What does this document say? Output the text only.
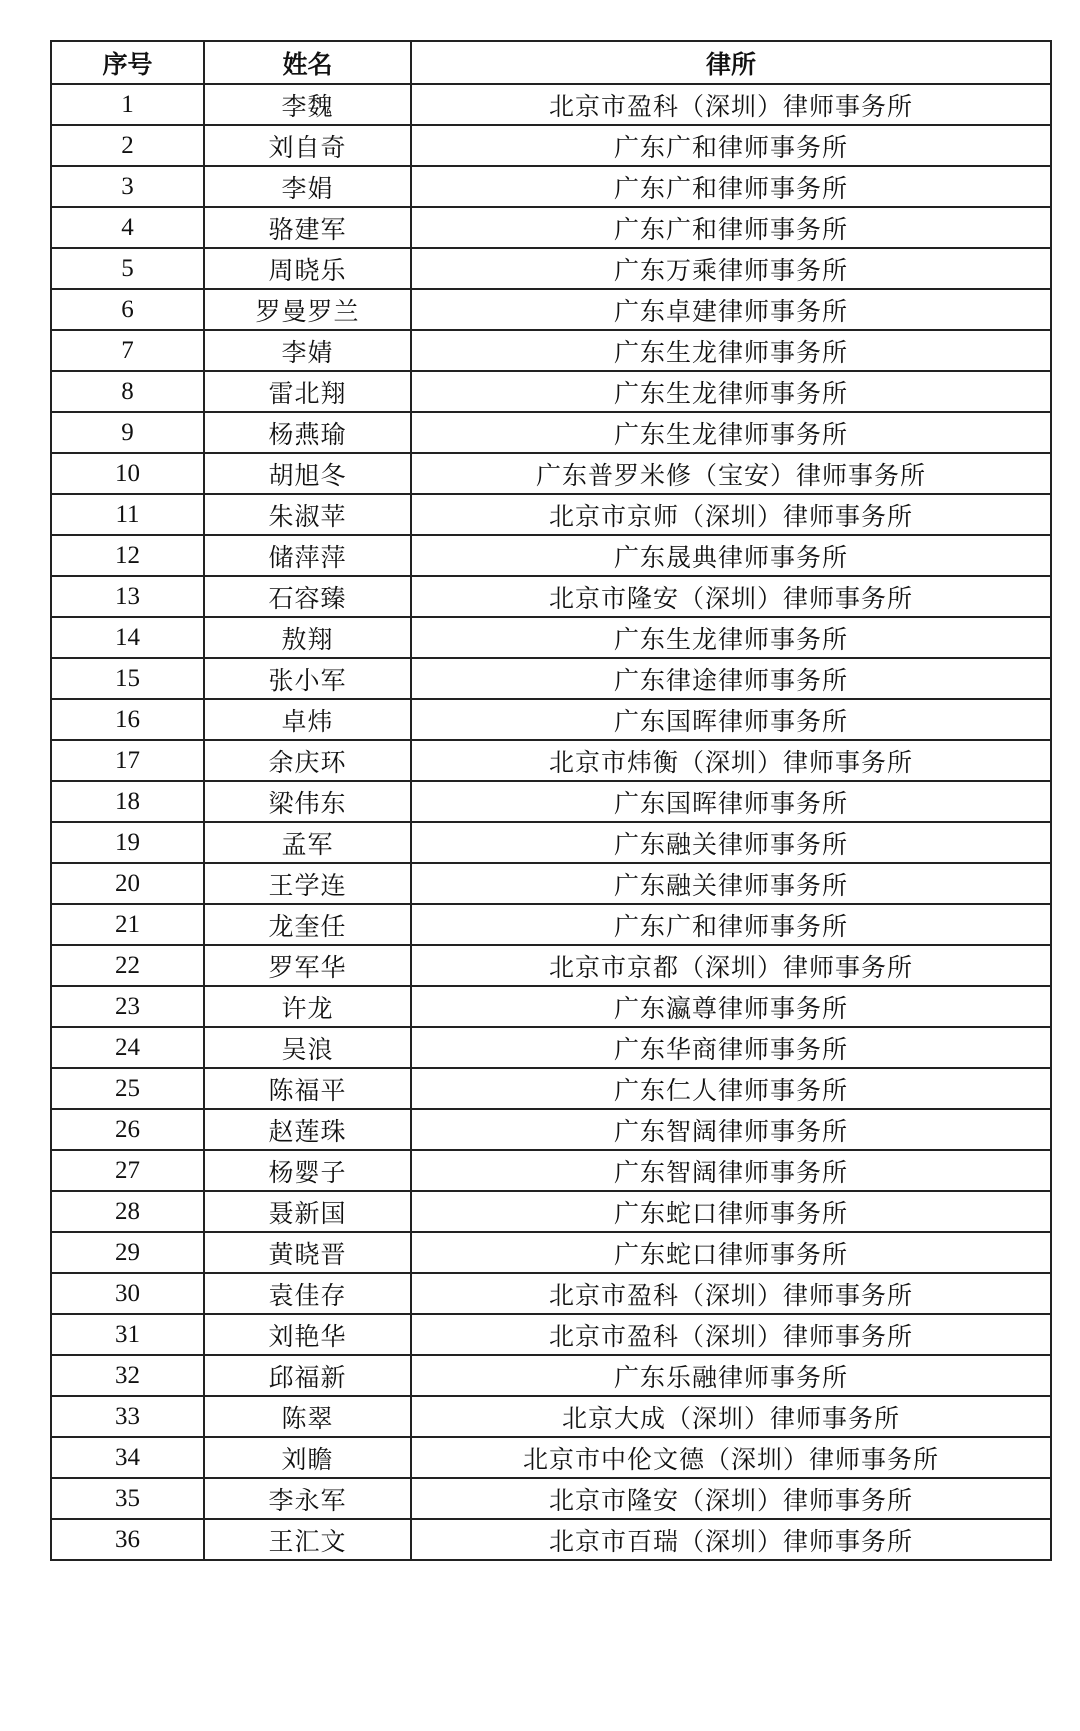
序号	姓名	律所
1	李魏	北京市盈科（深圳）律师事务所
2	刘自奇	广东广和律师事务所
3	李娟	广东广和律师事务所
4	骆建军	广东广和律师事务所
5	周晓乐	广东万乘律师事务所
6	罗曼罗兰	广东卓建律师事务所
7	李婧	广东生龙律师事务所
8	雷北翔	广东生龙律师事务所
9	杨燕瑜	广东生龙律师事务所
10	胡旭冬	广东普罗米修（宝安）律师事务所
11	朱淑苹	北京市京师（深圳）律师事务所
12	储萍萍	广东晟典律师事务所
13	石容臻	北京市隆安（深圳）律师事务所
14	敖翔	广东生龙律师事务所
15	张小军	广东律途律师事务所
16	卓炜	广东国晖律师事务所
17	余庆环	北京市炜衡（深圳）律师事务所
18	梁伟东	广东国晖律师事务所
19	孟军	广东融关律师事务所
20	王学连	广东融关律师事务所
21	龙奎任	广东广和律师事务所
22	罗军华	北京市京都（深圳）律师事务所
23	许龙	广东瀛尊律师事务所
24	吴浪	广东华商律师事务所
25	陈福平	广东仁人律师事务所
26	赵莲珠	广东智阔律师事务所
27	杨婴子	广东智阔律师事务所
28	聂新国	广东蛇口律师事务所
29	黄晓晋	广东蛇口律师事务所
30	袁佳存	北京市盈科（深圳）律师事务所
31	刘艳华	北京市盈科（深圳）律师事务所
32	邱福新	广东乐融律师事务所
33	陈翠	北京大成（深圳）律师事务所
34	刘瞻	北京市中伦文德（深圳）律师事务所
35	李永军	北京市隆安（深圳）律师事务所
36	王汇文	北京市百瑞（深圳）律师事务所
